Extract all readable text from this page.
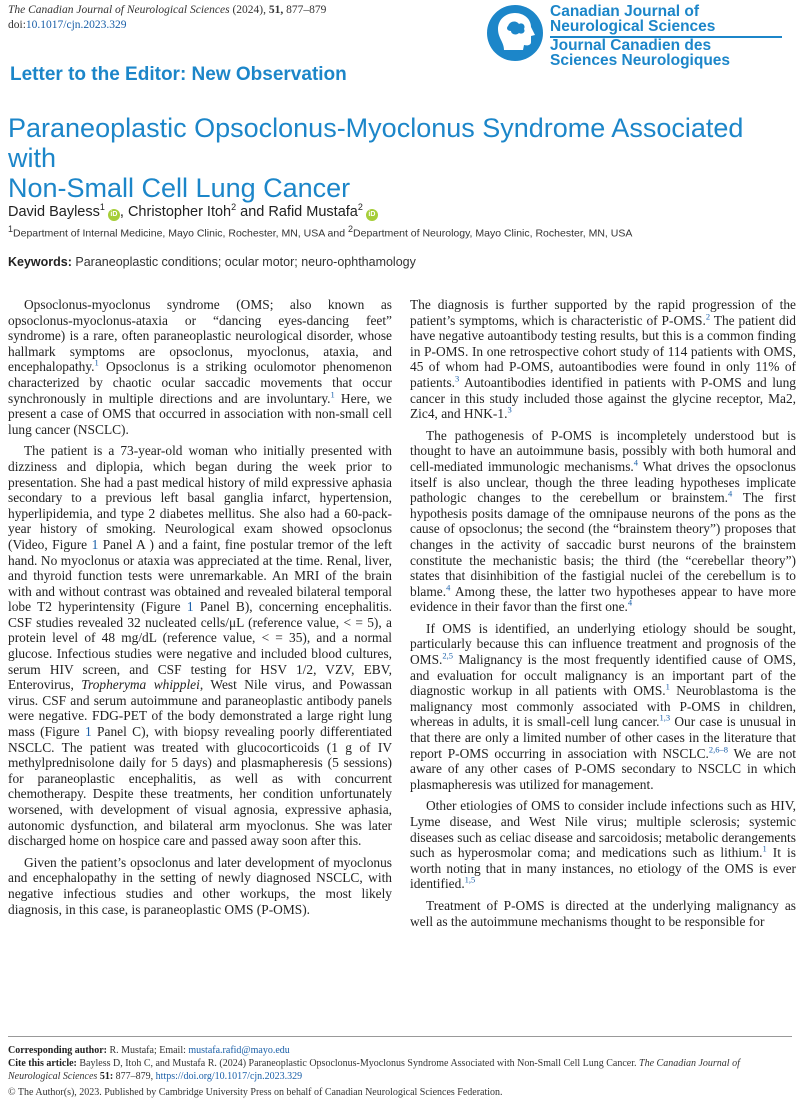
The Canadian Journal of Neurological Sciences (2024), 51, 877–879
doi:10.1017/cjn.2023.329
Canadian Journal of
Neurological Sciences
Journal Canadien des
Sciences Neurologiques
Letter to the Editor: New Observation
Paraneoplastic Opsoclonus-Myoclonus Syndrome Associated with
Non-Small Cell Lung Cancer
David Bayless$^1$iD , Christopher Itoh$^2$ and Rafid Mustafa$^2$iD
$^1$Department of Internal Medicine, Mayo Clinic, Rochester, MN, USA and $^2$Department of Neurology, Mayo Clinic, Rochester, MN, USA
Keywords: Paraneoplastic conditions; ocular motor; neuro-ophthamology

Opsoclonus-myoclonus syndrome (OMS; also known as opsoclonus-myoclonus-ataxia or “dancing eyes-dancing feet” syndrome) is a rare, often paraneoplastic neurological disorder, whose hallmark symptoms are opsoclonus, myoclonus, ataxia, and encephalopathy.$^1$ Opsoclonus is a striking oculomotor phenomenon characterized by chaotic ocular saccadic movements that occur synchronously in multiple directions and are involuntary.$^1$ Here, we present a case of OMS that occurred in association with non-small cell lung cancer (NSCLC).

The patient is a 73-year-old woman who initially presented with dizziness and diplopia, which began during the week prior to presentation. She had a past medical history of mild expressive aphasia secondary to a previous left basal ganglia infarct, hypertension, hyperlipidemia, and type 2 diabetes mellitus. She also had a 60-pack-year history of smoking. Neurological exam showed opsoclonus (Video, Figure 1 Panel A ) and a faint, fine postular tremor of the left hand. No myoclonus or ataxia was appreciated at the time. Renal, liver, and thyroid function tests were unremarkable. An MRI of the brain with and without contrast was obtained and revealed bilateral temporal lobe T2 hyperintensity (Figure 1 Panel B), concerning encephalitis. CSF studies revealed 32 nucleated cells/μL (reference value, < = 5), a protein level of 48 mg/dL (reference value, < = 35), and a normal glucose. Infectious studies were negative and included blood cultures, serum HIV screen, and CSF testing for HSV 1/2, VZV, EBV, Enterovirus, Tropheryma whipplei, West Nile virus, and Powassan virus. CSF and serum autoimmune and paraneoplastic antibody panels were negative. FDG-PET of the body demonstrated a large right lung mass (Figure 1 Panel C), with biopsy revealing poorly differentiated NSCLC. The patient was treated with glucocorticoids (1 g of IV methylprednisolone daily for 5 days) and plasmapheresis (5 sessions) for paraneoplastic encephalitis, as well as with concurrent chemotherapy. Despite these treatments, her condition unfortunately worsened, with development of visual agnosia, expressive aphasia, autonomic dysfunction, and bilateral arm myoclonus. She was later discharged home on hospice care and passed away soon after this.

Given the patient’s opsoclonus and later development of myoclonus and encephalopathy in the setting of newly diagnosed NSCLC, with negative infectious studies and other workups, the most likely diagnosis, in this case, is paraneoplastic OMS (P-OMS).

The diagnosis is further supported by the rapid progression of the patient’s symptoms, which is characteristic of P-OMS.$^2$ The patient did have negative autoantibody testing results, but this is a common finding in P-OMS. In one retrospective cohort study of 114 patients with OMS, 45 of whom had P-OMS, autoantibodies were found in only 11% of patients.$^3$ Autoantibodies identified in patients with P-OMS and lung cancer in this study included those against the glycine receptor, Ma2, Zic4, and HNK-1.$^3$

The pathogenesis of P-OMS is incompletely understood but is thought to have an autoimmune basis, possibly with both humoral and cell-mediated immunologic mechanisms.$^4$ What drives the opsoclonus itself is also unclear, though the three leading hypotheses implicate pathologic changes to the cerebellum or brainstem.$^4$ The first hypothesis posits damage of the omnipause neurons of the pons as the cause of opsoclonus; the second (the “brainstem theory”) proposes that changes in the activity of saccadic burst neurons of the brainstem constitute the mechanistic basis; the third (the “cerebellar theory”) states that disinhibition of the fastigial nuclei of the cerebellum is to blame.$^4$ Among these, the latter two hypotheses appear to have more evidence in their favor than the first one.$^4$

If OMS is identified, an underlying etiology should be sought, particularly because this can influence treatment and prognosis of the OMS.$^{2,5}$ Malignancy is the most frequently identified cause of OMS, and evaluation for occult malignancy is an important part of the diagnostic workup in all patients with OMS.$^1$ Neuroblastoma is the malignancy most commonly associated with P-OMS in children, whereas in adults, it is small-cell lung cancer.$^{1,3}$ Our case is unusual in that there are only a limited number of other cases in the literature that report P-OMS occurring in association with NSCLC.$^{2,6-8}$ We are not aware of any other cases of P-OMS secondary to NSCLC in which plasmapheresis was utilized for management.

Other etiologies of OMS to consider include infections such as HIV, Lyme disease, and West Nile virus; multiple sclerosis; systemic diseases such as celiac disease and sarcoidosis; metabolic derangements such as hyperosmolar coma; and medications such as lithium.$^1$ It is worth noting that in many instances, no etiology of the OMS is ever identified.$^{1,5}$

Treatment of P-OMS is directed at the underlying malignancy as well as the autoimmune mechanisms thought to be responsible for

Corresponding author: R. Mustafa; Email: mustafa.rafid@mayo.edu
Cite this article: Bayless D, Itoh C, and Mustafa R. (2024) Paraneoplastic Opsoclonus-Myoclonus Syndrome Associated with Non-Small Cell Lung Cancer. The Canadian Journal of Neurological Sciences 51: 877–879, https://doi.org/10.1017/cjn.2023.329
© The Author(s), 2023. Published by Cambridge University Press on behalf of Canadian Neurological Sciences Federation.
